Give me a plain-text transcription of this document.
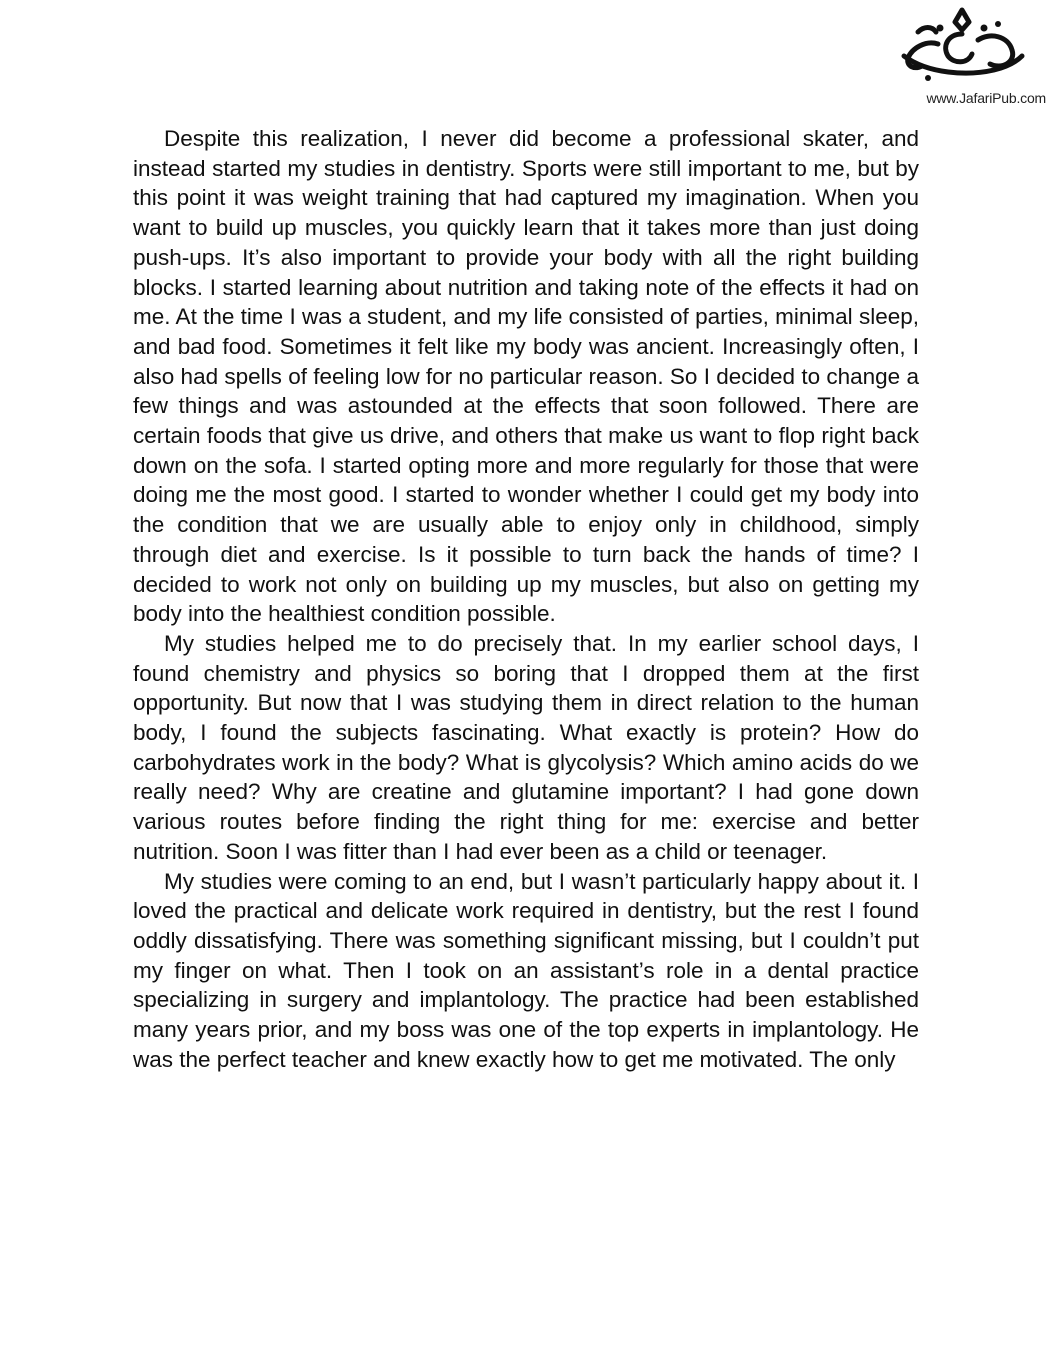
www.JafariPub.com

Despite this realization, I never did become a professional skater, and instead started my studies in dentistry. Sports were still important to me, but by this point it was weight training that had captured my imagination. When you want to build up muscles, you quickly learn that it takes more than just doing push-ups. It’s also important to provide your body with all the right building blocks. I started learning about nutrition and taking note of the effects it had on me. At the time I was a student, and my life consisted of parties, minimal sleep, and bad food. Sometimes it felt like my body was ancient. Increasingly often, I also had spells of feeling low for no particular reason. So I decided to change a few things and was astounded at the effects that soon followed. There are certain foods that give us drive, and others that make us want to flop right back down on the sofa. I started opting more and more regularly for those that were doing me the most good. I started to wonder whether I could get my body into the condition that we are usually able to enjoy only in childhood, simply through diet and exercise. Is it possible to turn back the hands of time? I decided to work not only on building up my muscles, but also on getting my body into the healthiest condition possible.

My studies helped me to do precisely that. In my earlier school days, I found chemistry and physics so boring that I dropped them at the first opportunity. But now that I was studying them in direct relation to the human body, I found the subjects fascinating. What exactly is protein? How do carbohydrates work in the body? What is glycolysis? Which amino acids do we really need? Why are creatine and glutamine important? I had gone down various routes before finding the right thing for me: exercise and better nutrition. Soon I was fitter than I had ever been as a child or teenager.

My studies were coming to an end, but I wasn’t particularly happy about it. I loved the practical and delicate work required in dentistry, but the rest I found oddly dissatisfying. There was something significant missing, but I couldn’t put my finger on what. Then I took on an assistant’s role in a dental practice specializing in surgery and implantology. The practice had been established many years prior, and my boss was one of the top experts in implantology. He was the perfect teacher and knew exactly how to get me motivated. The only
